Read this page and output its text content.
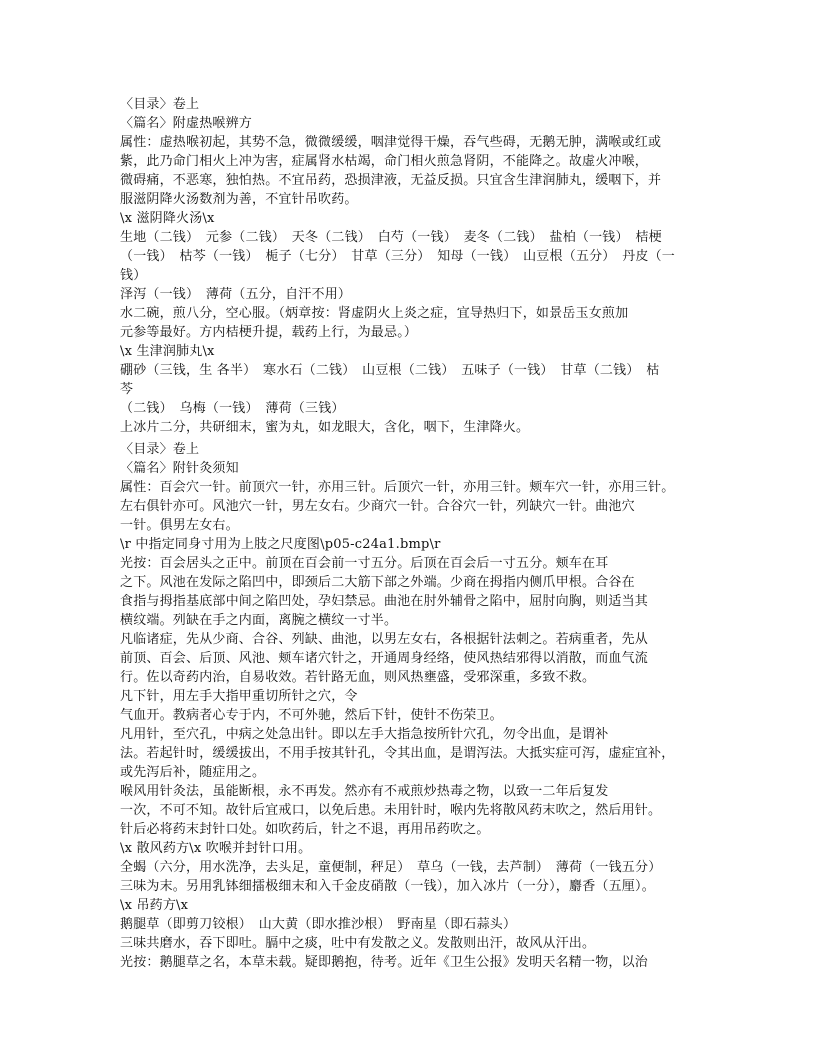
〈目录〉卷上
〈篇名〉附虚热喉辨方
属性：虚热喉初起，其势不急，微微缓缓，咽津觉得干燥，吞气些碍，无鹅无肿，满喉或红或
紫，此乃命门相火上冲为害，症属肾水枯竭，命门相火煎急肾阴，不能降之。故虚火冲喉，
微碍痛，不恶寒，独怕热。不宜吊药，恐损津液，无益反损。只宜含生津润肺丸，缓咽下，并
服滋阴降火汤数剂为善，不宜针吊吹药。
\x 滋阴降火汤\x
生地（二钱）　元参（二钱）　天冬（二钱）　白芍（一钱）　麦冬（二钱）　盐柏（一钱）　桔梗
（一钱）　枯芩（一钱）　栀子（七分）　甘草（三分）　知母（一钱）　山豆根（五分）　丹皮（一
钱）
泽泻（一钱）　薄荷（五分，自汗不用）
水二碗，煎八分，空心服。（炳章按：肾虚阴火上炎之症，宜导热归下，如景岳玉女煎加
元参等最好。方内桔梗升提，载药上行，为最忌。）
\x 生津润肺丸\x
硼砂（三钱，生 各半）　寒水石（二钱）　山豆根（二钱）　五味子（一钱）　甘草（二钱）　枯
芩
（二钱）　乌梅（一钱）　薄荷（三钱）
上冰片二分，共研细末，蜜为丸，如龙眼大，含化，咽下，生津降火。
〈目录〉卷上
〈篇名〉附针灸须知
属性：百会穴一针。前顶穴一针，亦用三针。后顶穴一针，亦用三针。颊车穴一针，亦用三针。
左右俱针亦可。风池穴一针，男左女右。少商穴一针。合谷穴一针，列缺穴一针。曲池穴
一针。俱男左女右。
\r 中指定同身寸用为上肢之尺度图\p05-c24a1.bmp\r
光按：百会居头之正中。前顶在百会前一寸五分。后顶在百会后一寸五分。颊车在耳
之下。风池在发际之陷凹中，即颈后二大筋下部之外端。少商在拇指内侧爪甲根。合谷在
食指与拇指基底部中间之陷凹处，孕妇禁忌。曲池在肘外辅骨之陷中，屈肘向胸，则适当其
横纹端。列缺在手之内面，离腕之横纹一寸半。
凡临诸症，先从少商、合谷、列缺、曲池，以男左女右，各根据针法刺之。若病重者，先从
前顶、百会、后顶、风池、颊车诸穴针之，开通周身经络，使风热结邪得以消散，而血气流
行。佐以奇药内治，自易收效。若针路无血，则风热壅盛，受邪深重，多致不救。
凡下针，用左手大指甲重切所针之穴，令
气血开。教病者心专于内，不可外驰，然后下针，使针不伤荣卫。
凡用针，至穴孔，中病之处急出针。即以左手大指急按所针穴孔，勿令出血，是谓补
法。若起针时，缓缓拔出，不用手按其针孔，令其出血，是谓泻法。大抵实症可泻，虚症宜补，
或先泻后补，随症用之。
喉风用针灸法，虽能断根，永不再发。然亦有不戒煎炒热毒之物，以致一二年后复发
一次，不可不知。故针后宜戒口，以免后患。未用针时，喉内先将散风药末吹之，然后用针。
针后必将药末封针口处。如吹药后，针之不退，再用吊药吹之。
\x 散风药方\x 吹喉并封针口用。
全蝎（六分，用水洗净，去头足，童便制，秤足）　草乌（一钱，去芦制）　薄荷（一钱五分）
三味为末。另用乳钵细擂极细末和入千金皮硝散（一钱），加入冰片（一分），麝香（五厘）。
\x 吊药方\x
鹅腿草（即剪刀铰根）　山大黄（即水推沙根）　野南星（即石蒜头）
三味共磨水，吞下即吐。膈中之痰，吐中有发散之义。发散则出汗，故风从汗出。
光按：鹅腿草之名，本草未载。疑即鹅抱，待考。近年《卫生公报》发明天名精一物，以治
